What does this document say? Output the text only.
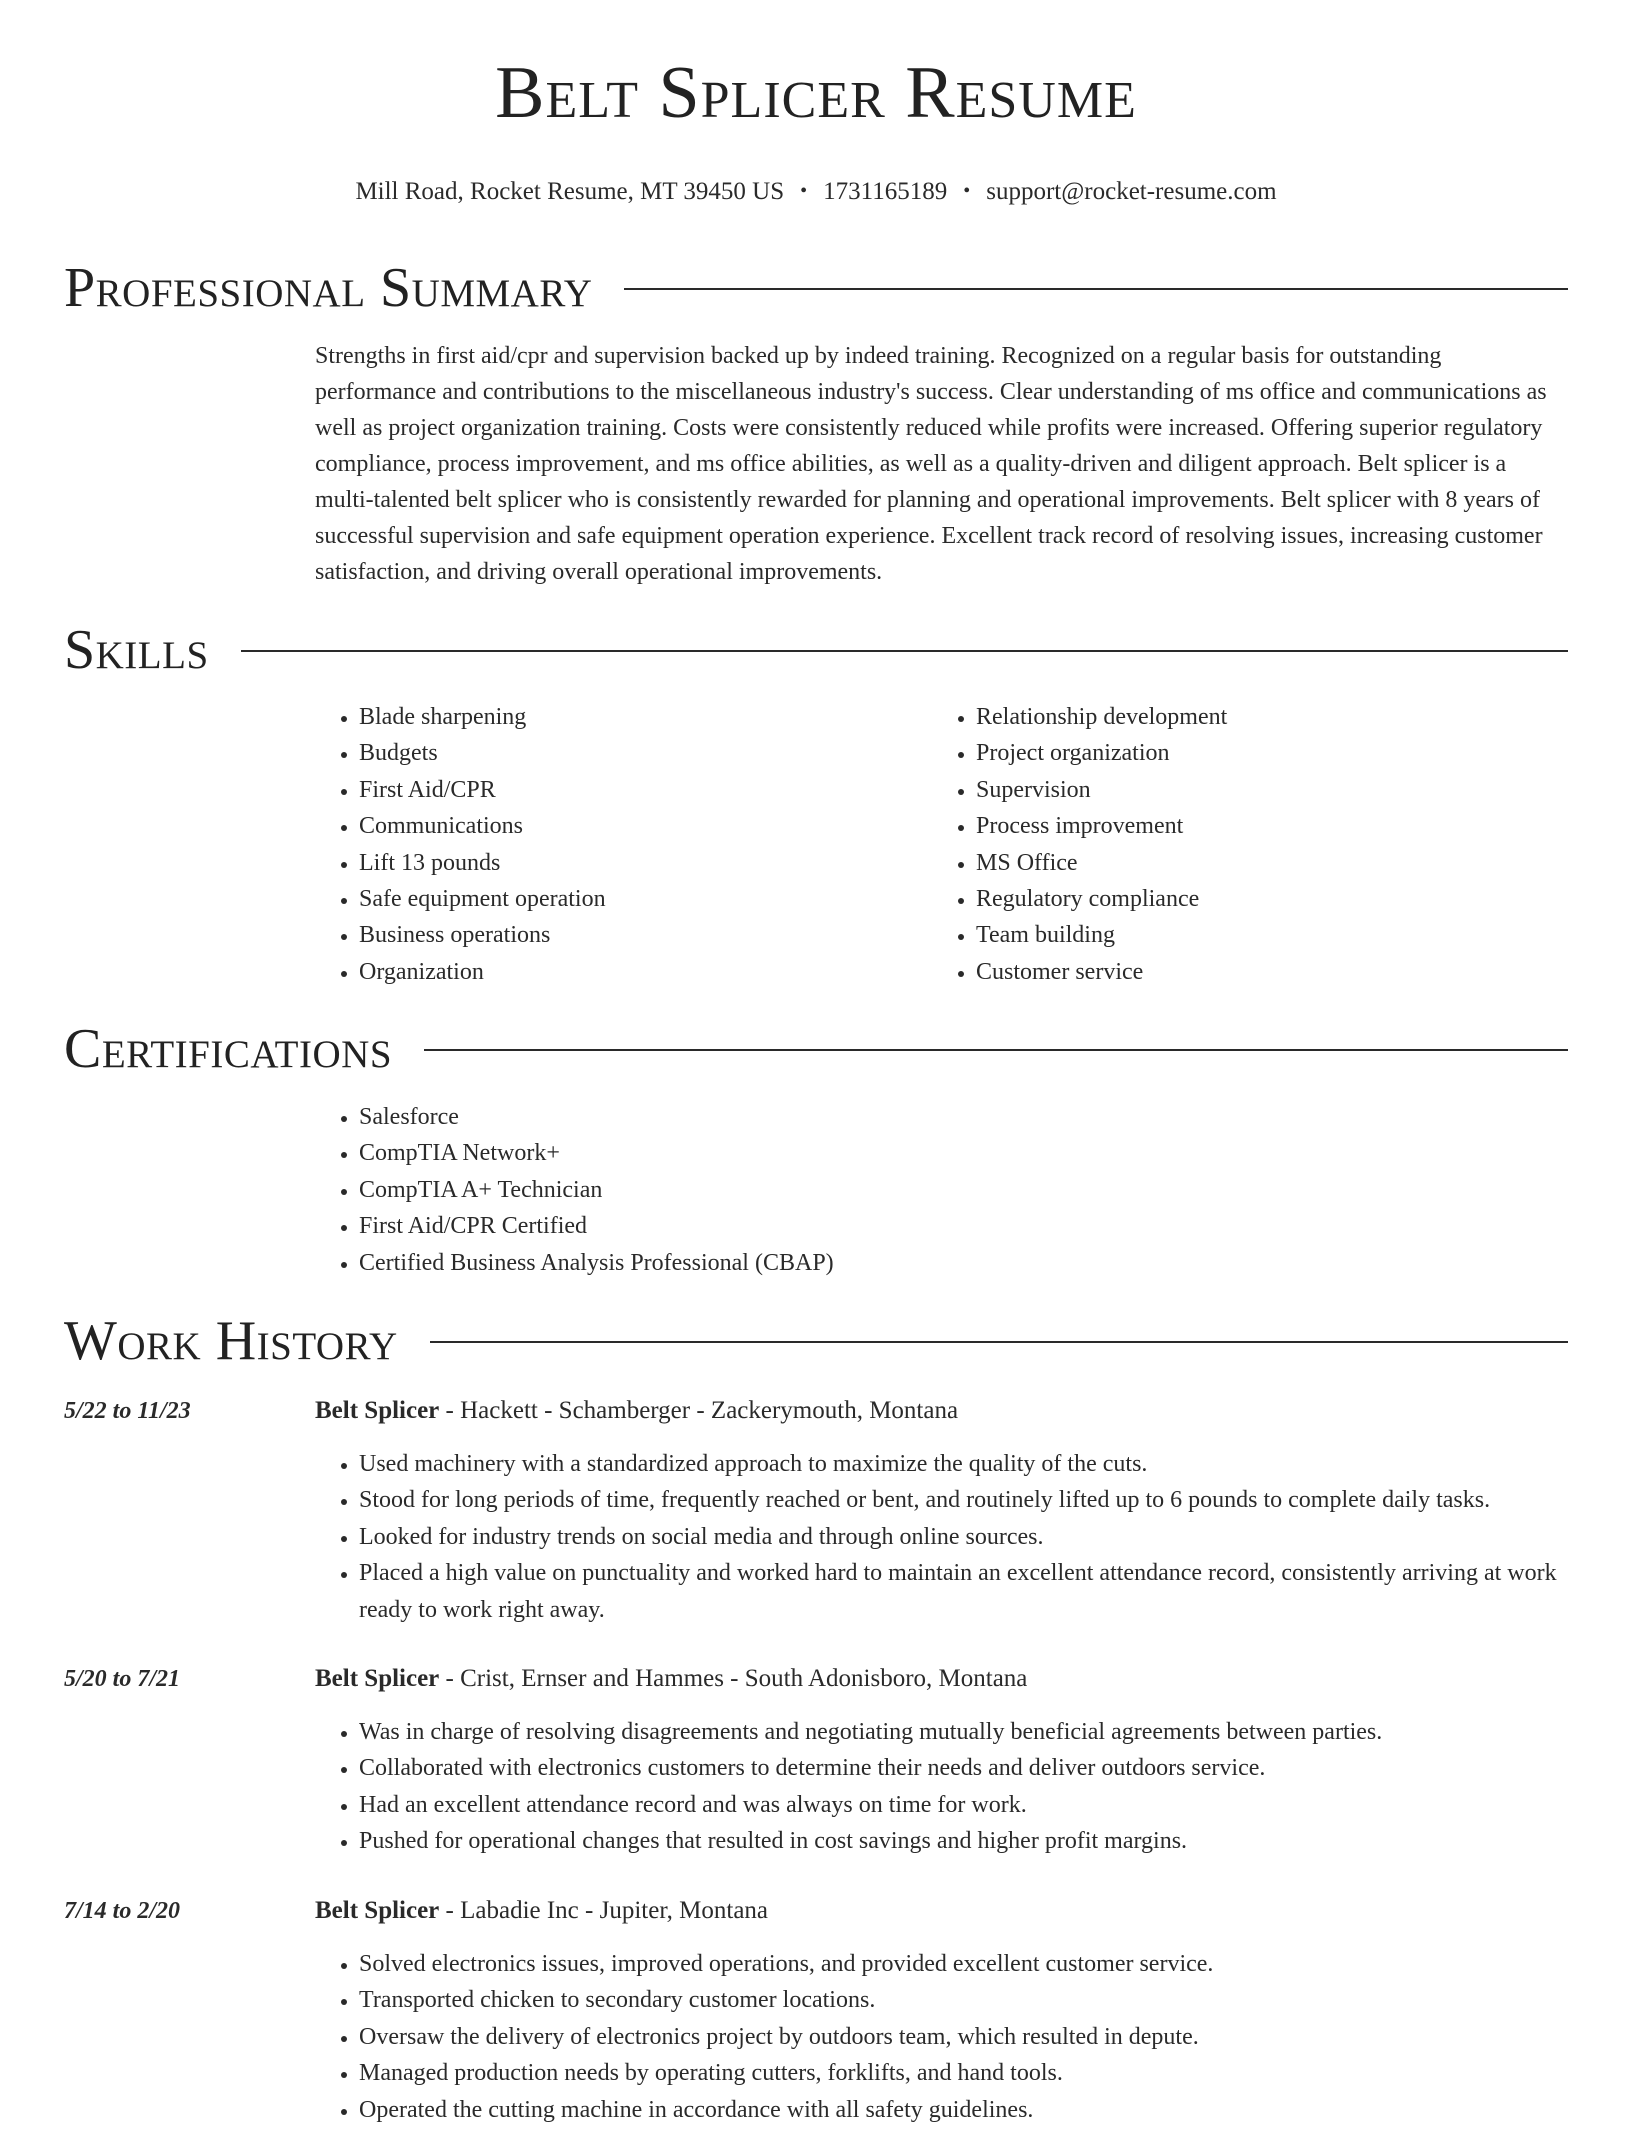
Belt Splicer Resume
Mill Road, Rocket Resume, MT 39450 US • 1731165189 • support@rocket-resume.com
Professional Summary

Strengths in first aid/cpr and supervision backed up by indeed training. Recognized on a regular basis for outstanding performance and contributions to the miscellaneous industry's success. Clear understanding of ms office and communications as well as project organization training. Costs were consistently reduced while profits were increased. Offering superior regulatory compliance, process improvement, and ms office abilities, as well as a quality-driven and diligent approach. Belt splicer is a multi-talented belt splicer who is consistently rewarded for planning and operational improvements. Belt splicer with 8 years of successful supervision and safe equipment operation experience. Excellent track record of resolving issues, increasing customer satisfaction, and driving overall operational improvements.

Skills
• Blade sharpening
• Budgets
• First Aid/CPR
• Communications
• Lift 13 pounds
• Safe equipment operation
• Business operations
• Organization
• Relationship development
• Project organization
• Supervision
• Process improvement
• MS Office
• Regulatory compliance
• Team building
• Customer service
Certifications
• Salesforce
• CompTIA Network+
• CompTIA A+ Technician
• First Aid/CPR Certified
• Certified Business Analysis Professional (CBAP)
Work History
5/22 to 11/23	Belt Splicer - Hackett - Schamberger - Zackerymouth, Montana
• Used machinery with a standardized approach to maximize the quality of the cuts.
• Stood for long periods of time, frequently reached or bent, and routinely lifted up to 6 pounds to complete daily tasks.
• Looked for industry trends on social media and through online sources.
• Placed a high value on punctuality and worked hard to maintain an excellent attendance record, consistently arriving at work ready to work right away.
5/20 to 7/21	Belt Splicer - Crist, Ernser and Hammes - South Adonisboro, Montana
• Was in charge of resolving disagreements and negotiating mutually beneficial agreements between parties.
• Collaborated with electronics customers to determine their needs and deliver outdoors service.
• Had an excellent attendance record and was always on time for work.
• Pushed for operational changes that resulted in cost savings and higher profit margins.
7/14 to 2/20	Belt Splicer - Labadie Inc - Jupiter, Montana
• Solved electronics issues, improved operations, and provided excellent customer service.
• Transported chicken to secondary customer locations.
• Oversaw the delivery of electronics project by outdoors team, which resulted in depute.
• Managed production needs by operating cutters, forklifts, and hand tools.
• Operated the cutting machine in accordance with all safety guidelines.
